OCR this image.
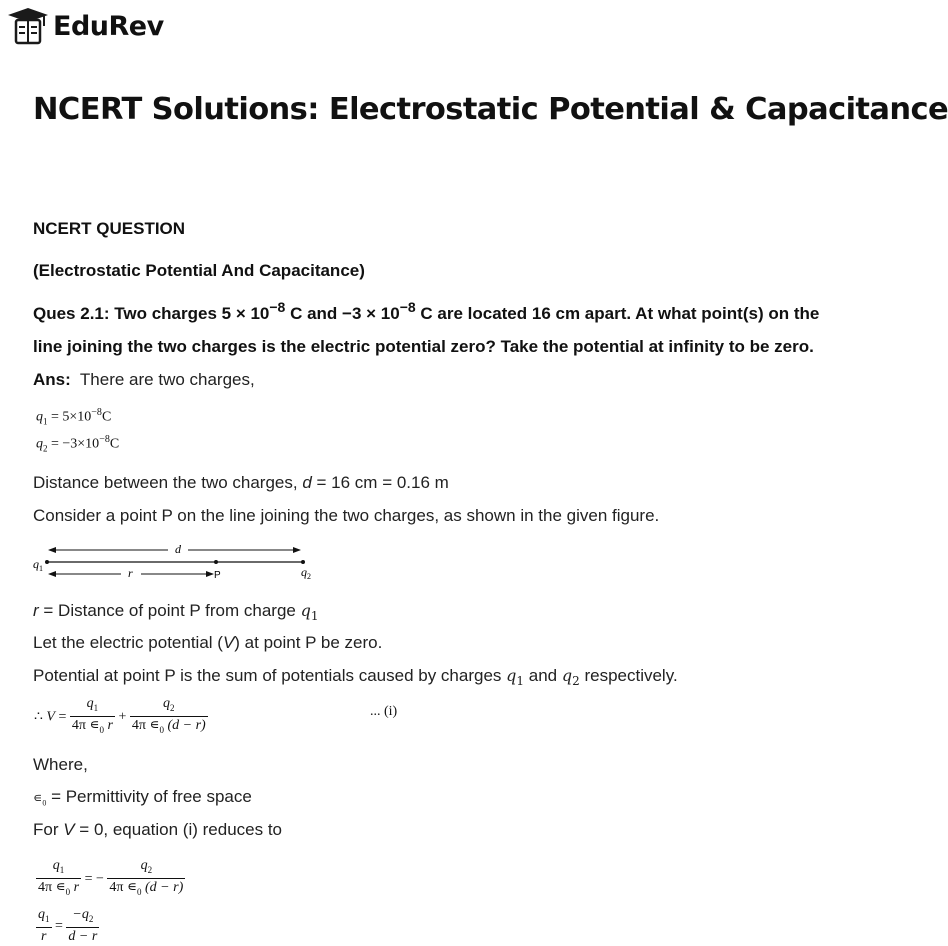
EduRev
NCERT Solutions: Electrostatic Potential & Capacitance
NCERT QUESTION
(Electrostatic Potential And Capacitance)
Ques 2.1: Two charges $5 \times 10^{-8}$ C and $-3 \times 10^{-8}$ C are located 16 cm apart. At what point(s) on the
line joining the two charges is the electric potential zero? Take the potential at infinity to be zero.
Ans: There are two charges,
$q_1 = 5\times 10^{-8}C$
$q_2 = -3\times 10^{-8}C$
Distance between the two charges, d = 16 cm = 0.16 m
Consider a point P on the line joining the two charges, as shown in the given figure.
d
r	P
$q_1$	$q_2$
r = Distance of point P from charge $q_1$
Let the electric potential (V) at point P be zero.
Potential at point P is the sum of potentials caused by charges $q_1$ and $q_2$ respectively.
∴ $V = \frac{q_1}{4\pi ∊_0 r} + \frac{q_2}{4\pi ∊_0 (d - r)}$	... (i)
Where,
$∊_0$ = Permittivity of free space
For V = 0, equation (i) reduces to
$\frac{q_1}{4\pi ∊_0 r}$ = − $\frac{q_2}{4\pi ∊_0 (d - r)}$
$\frac{q_1}{r} = \frac{-q_2}{d - r}$
